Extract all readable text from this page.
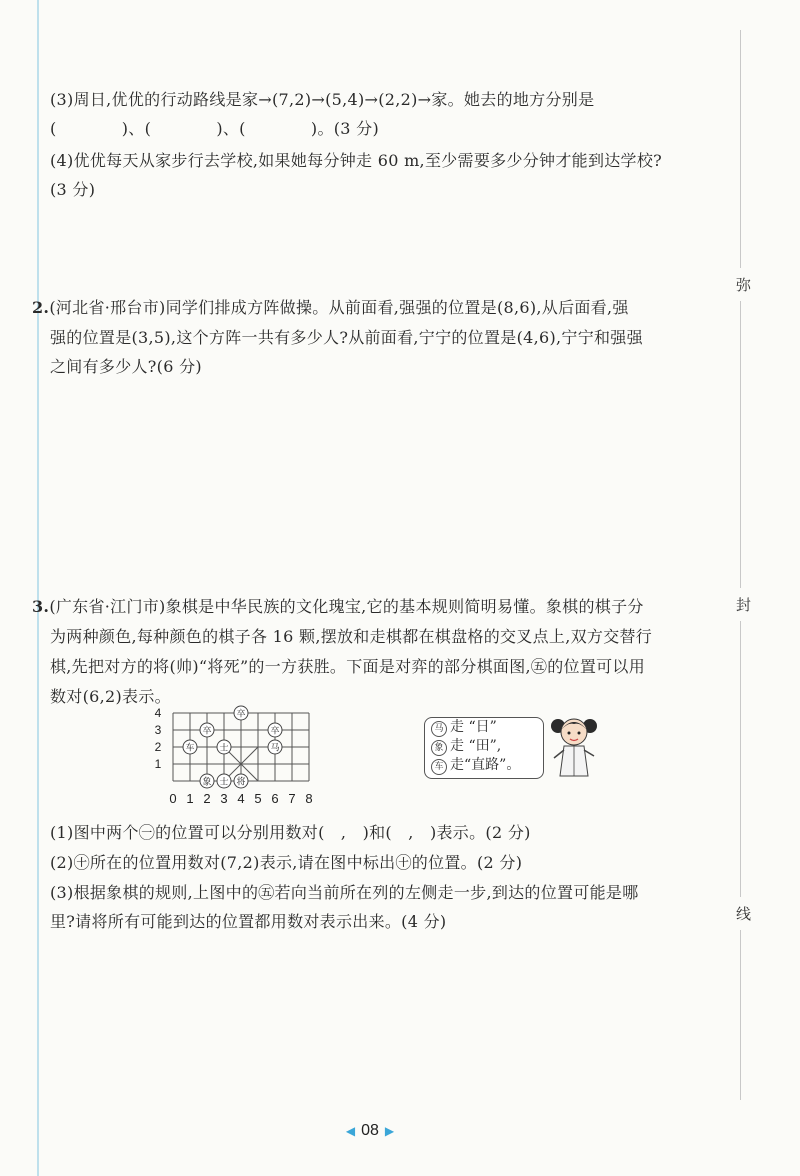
弥
封
线
(3)周日,优优的行动路线是家→(7,2)→(5,4)→(2,2)→家。她去的地方分别是
(　　　　)、(　　　　)、(　　　　)。(3 分)
(4)优优每天从家步行去学校,如果她每分钟走 60 m,至少需要多少分钟才能到达学校?
(3 分)
2.(河北省·邢台市)同学们排成方阵做操。从前面看,强强的位置是(8,6),从后面看,强
强的位置是(3,5),这个方阵一共有多少人?从前面看,宁宁的位置是(4,6),宁宁和强强
之间有多少人?(6 分)
3.(广东省·江门市)象棋是中华民族的文化瑰宝,它的基本规则简明易懂。象棋的棋子分
为两种颜色,每种颜色的棋子各 16 颗,摆放和走棋都在棋盘格的交叉点上,双方交替行
棋,先把对方的将(帅)“将死”的一方获胜。下面是对弈的部分棋面图,㊄的位置可以用
数对(6,2)表示。
0 1 2 3 4 5 6 7 8
1
2
3
4	卒
卒	卒
车	士	马
象 士 将
马 走 “日”
象 走 “田”,
车 走“直路”。
(1)图中两个㊀的位置可以分别用数对(　,　)和(　,　)表示。(2 分)
(2)㊉所在的位置用数对(7,2)表示,请在图中标出㊉的位置。(2 分)
(3)根据象棋的规则,上图中的㊄若向当前所在列的左侧走一步,到达的位置可能是哪
里?请将所有可能到达的位置都用数对表示出来。(4 分)
◀ 08 ▶
